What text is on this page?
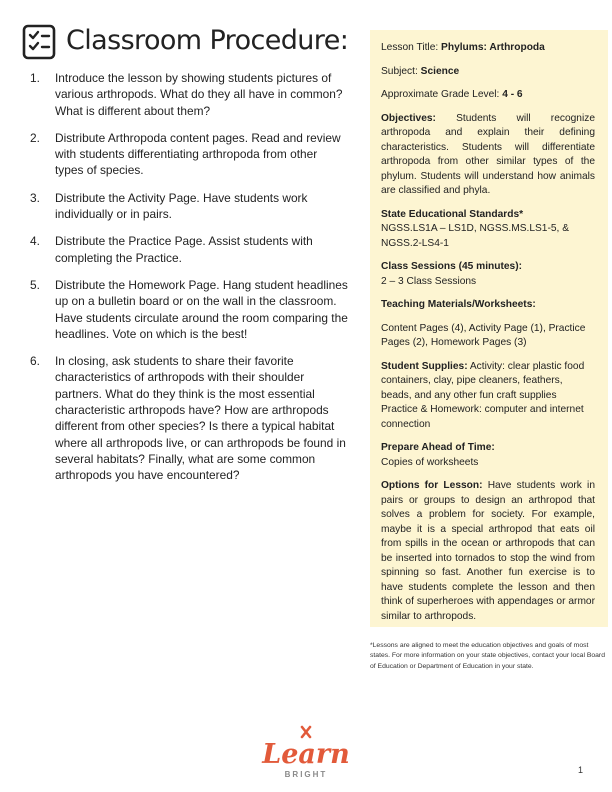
Classroom Procedure:
1.	Introduce the lesson by showing students pictures of various arthropods. What do they all have in common? What is different about them?
2.	Distribute Arthropoda content pages. Read and review with students differentiating arthropoda from other types of species.
3.	Distribute the Activity Page. Have students work individually or in pairs.
4.	Distribute the Practice Page. Assist students with completing the Practice.
5.	Distribute the Homework Page. Hang student headlines up on a bulletin board or on the wall in the classroom. Have students circulate around the room comparing the headlines. Vote on which is the best!
6.	In closing, ask students to share their favorite characteristics of arthropods with their shoulder partners. What do they think is the most essential characteristic arthropods have? How are arthropods different from other species? Is there a typical habitat where all arthropods live, or can arthropods be found in several habitats? Finally, what are some common arthropods you have encountered?

Lesson Title: Phylums: Arthropoda

Subject: Science

Approximate Grade Level: 4 - 6

Objectives: Students will recognize arthropoda and explain their defining characteristics. Students will differentiate arthropoda from other similar types of the phylum. Students will understand how animals are classified and phyla.

State Educational Standards*
NGSS.LS1A – LS1D, NGSS.MS.LS1-5, & NGSS.2-LS4-1

Class Sessions (45 minutes):
2 – 3 Class Sessions

Teaching Materials/Worksheets:

Content Pages (4), Activity Page (1), Practice Pages (2), Homework Pages (3)

Student Supplies: Activity: clear plastic food containers, clay, pipe cleaners, feathers, beads, and any other fun craft supplies
Practice & Homework: computer and internet connection

Prepare Ahead of Time:
Copies of worksheets

Options for Lesson: Have students work in pairs or groups to design an arthropod that solves a problem for society. For example, maybe it is a special arthropod that eats oil from spills in the ocean or arthropods that can be inserted into tornados to stop the wind from spinning so fast. Another fun exercise is to have students complete the lesson and then think of superheroes with appendages or armor similar to arthropods.

*Lessons are aligned to meet the education objectives and goals of most states. For more information on your state objectives, contact your local Board of Education or Department of Education in your state.

Learn
BRIGHT	1
